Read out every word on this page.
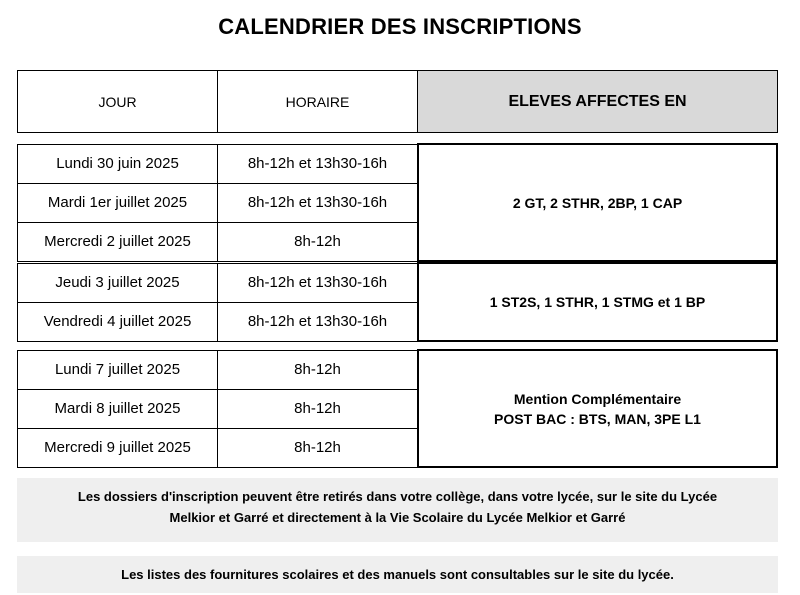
CALENDRIER DES INSCRIPTIONS
JOUR	HORAIRE	ELEVES AFFECTES EN
Lundi 30 juin 2025	8h-12h et 13h30-16h	2 GT, 2 STHR, 2BP, 1 CAP

Mardi 1er juillet 2025	8h-12h et 13h30-16h	
Mercredi 2 juillet 2025	8h-12h	
Jeudi 3 juillet 2025	8h-12h et 13h30-16h	1 ST2S, 1 STHR, 1 STMG et 1 BP

Vendredi 4 juillet 2025	8h-12h et 13h30-16h	
Lundi 7 juillet 2025	8h-12h	Mention Complémentaire
POST BAC : BTS, MAN, 3PE L1

Mardi 8 juillet 2025	8h-12h	
Mercredi 9 juillet 2025	8h-12h	
Les dossiers d'inscription peuvent être retirés dans votre collège, dans votre lycée, sur le site du Lycée
Melkior et Garré et directement à la Vie Scolaire du Lycée Melkior et Garré
Les listes des fournitures scolaires et des manuels sont consultables sur le site du lycée.
